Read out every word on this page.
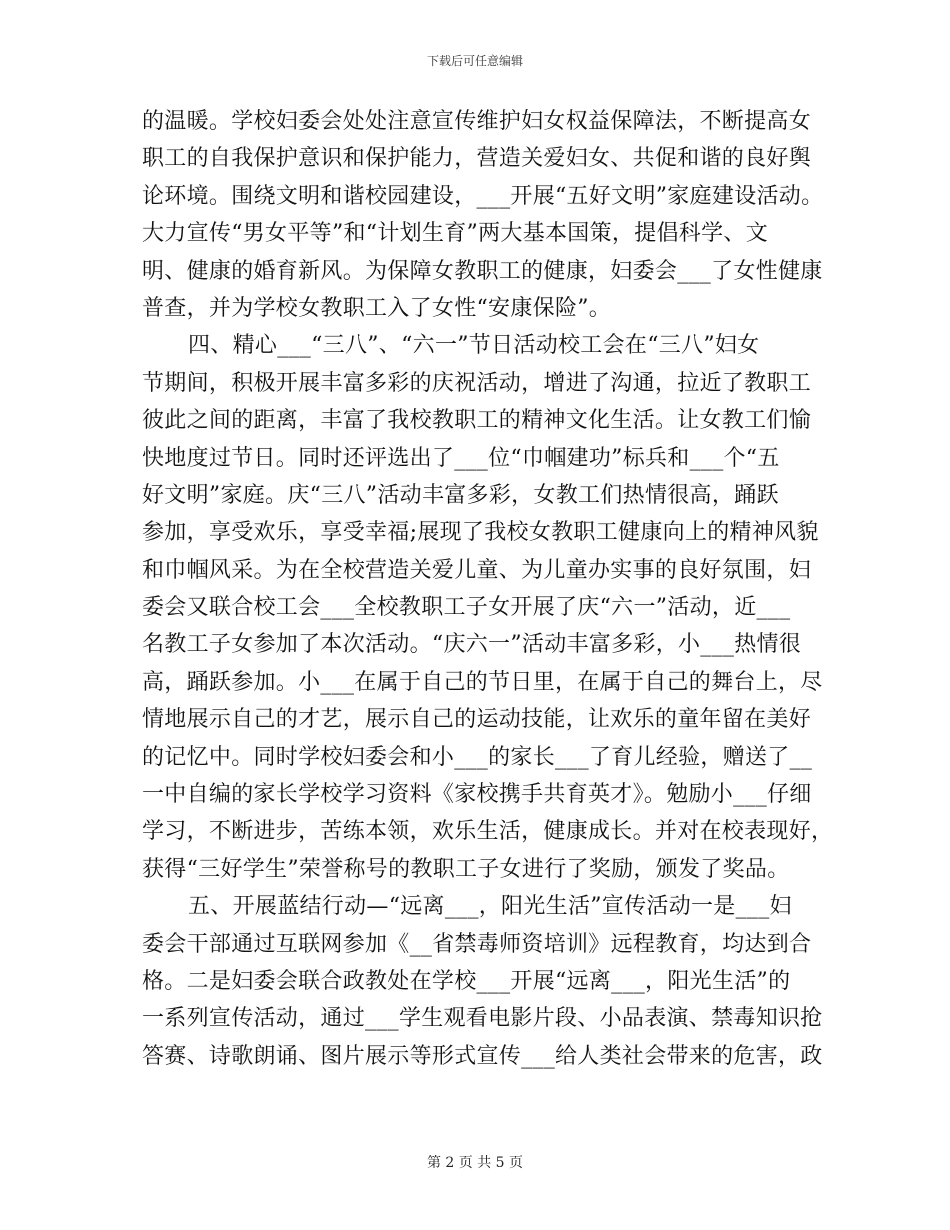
下载后可任意编辑
的温暖。学校妇委会处处注意宣传维护妇女权益保障法，不断提高女
职工的自我保护意识和保护能力，营造关爱妇女、共促和谐的良好舆
论环境。围绕文明和谐校园建设，___开展“五好文明”家庭建设活动。
大力宣传“男女平等”和“计划生育”两大基本国策，提倡科学、文
明、健康的婚育新风。为保障女教职工的健康，妇委会___了女性健康
普查，并为学校女教职工入了女性“安康保险”。
四、精心___“三八”、“六一”节日活动校工会在“三八”妇女
节期间，积极开展丰富多彩的庆祝活动，增进了沟通，拉近了教职工
彼此之间的距离，丰富了我校教职工的精神文化生活。让女教工们愉
快地度过节日。同时还评选出了___位“巾帼建功”标兵和___个“五
好文明”家庭。庆“三八”活动丰富多彩，女教工们热情很高，踊跃
参加，享受欢乐，享受幸福;展现了我校女教职工健康向上的精神风貌
和巾帼风采。为在全校营造关爱儿童、为儿童办实事的良好氛围，妇
委会又联合校工会___全校教职工子女开展了庆“六一”活动，近___
名教工子女参加了本次活动。“庆六一”活动丰富多彩，小___热情很
高，踊跃参加。小___在属于自己的节日里，在属于自己的舞台上，尽
情地展示自己的才艺，展示自己的运动技能，让欢乐的童年留在美好
的记忆中。同时学校妇委会和小___的家长___了育儿经验，赠送了__
一中自编的家长学校学习资料《家校携手共育英才》。勉励小___仔细
学习，不断进步，苦练本领，欢乐生活，健康成长。并对在校表现好，
获得“三好学生”荣誉称号的教职工子女进行了奖励，颁发了奖品。
五、开展蓝结行动—“远离___，阳光生活”宣传活动一是___妇
委会干部通过互联网参加《__省禁毒师资培训》远程教育，均达到合
格。二是妇委会联合政教处在学校___开展“远离___，阳光生活”的
一系列宣传活动，通过___学生观看电影片段、小品表演、禁毒知识抢
答赛、诗歌朗诵、图片展示等形式宣传___给人类社会带来的危害，政
第 2 页 共 5 页
